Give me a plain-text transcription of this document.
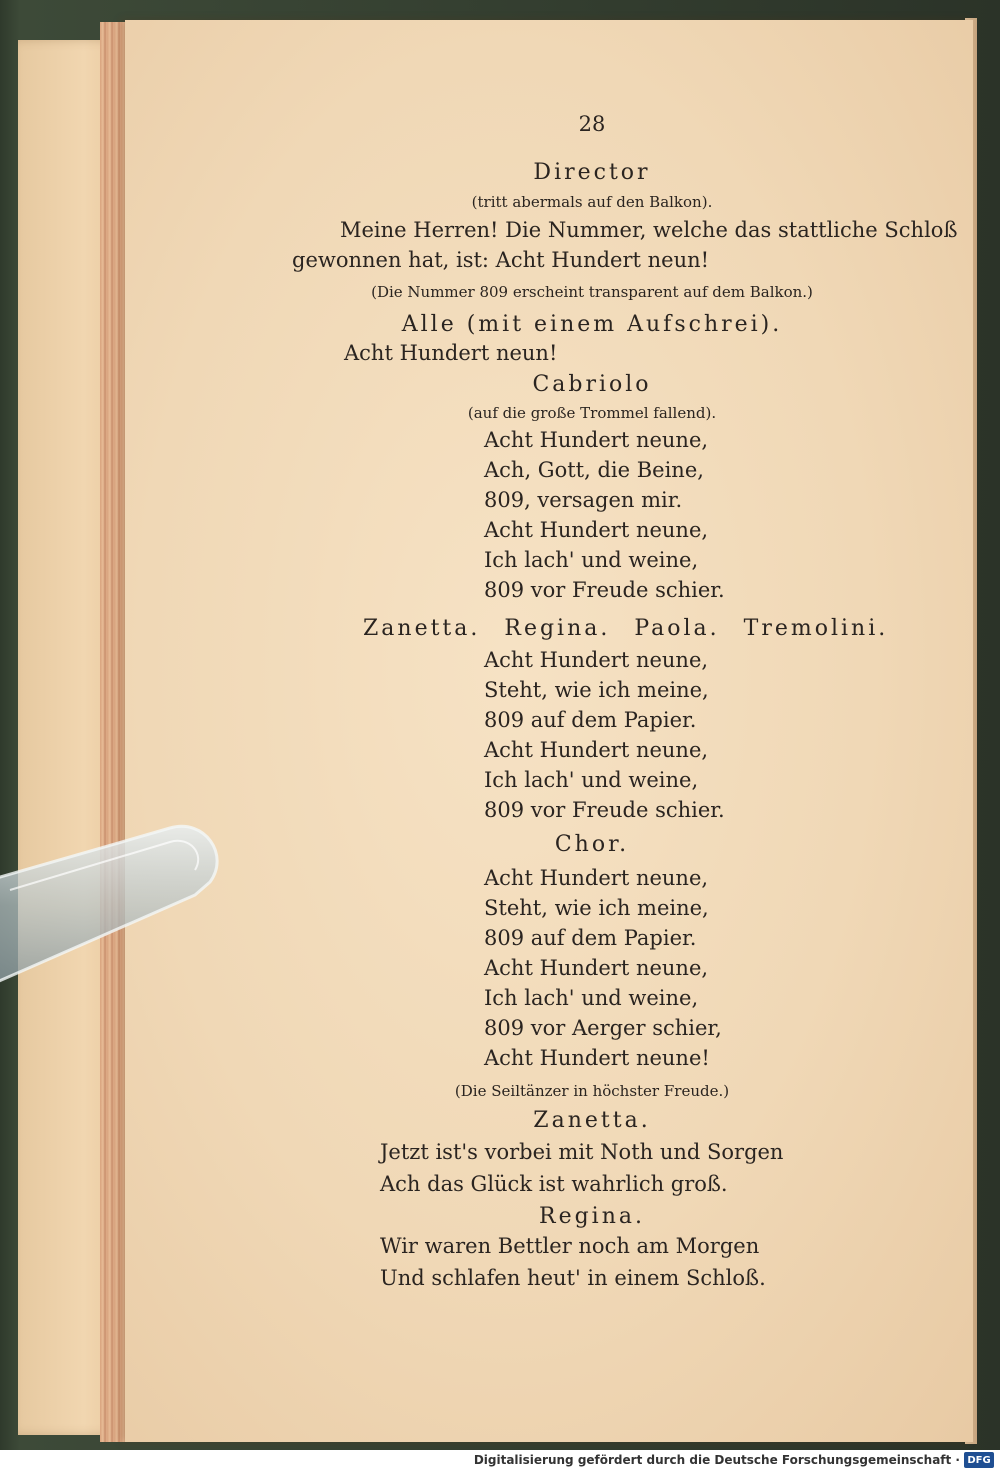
28
Director
(tritt abermals auf den Balkon).
Meine Herren! Die Nummer, welche das stattliche Schloß
gewonnen hat, ist: Acht Hundert neun!
(Die Nummer 809 erscheint transparent auf dem Balkon.)
Alle (mit einem Aufschrei).
Acht Hundert neun!
Cabriolo
(auf die große Trommel fallend).
Acht Hundert neune,
Ach, Gott, die Beine,
809, versagen mir.
Acht Hundert neune,
Ich lach' und weine,
809 vor Freude schier.
Zanetta. Regina. Paola. Tremolini.
Acht Hundert neune,
Steht, wie ich meine,
809 auf dem Papier.
Acht Hundert neune,
Ich lach' und weine,
809 vor Freude schier.
Chor.
Acht Hundert neune,
Steht, wie ich meine,
809 auf dem Papier.
Acht Hundert neune,
Ich lach' und weine,
809 vor Aerger schier,
Acht Hundert neune!
(Die Seiltänzer in höchster Freude.)
Zanetta.
Jetzt ist's vorbei mit Noth und Sorgen
Ach das Glück ist wahrlich groß.
Regina.
Wir waren Bettler noch am Morgen
Und schlafen heut' in einem Schloß.
Digitalisierung gefördert durch die Deutsche Forschungsgemeinschaft · DFG
